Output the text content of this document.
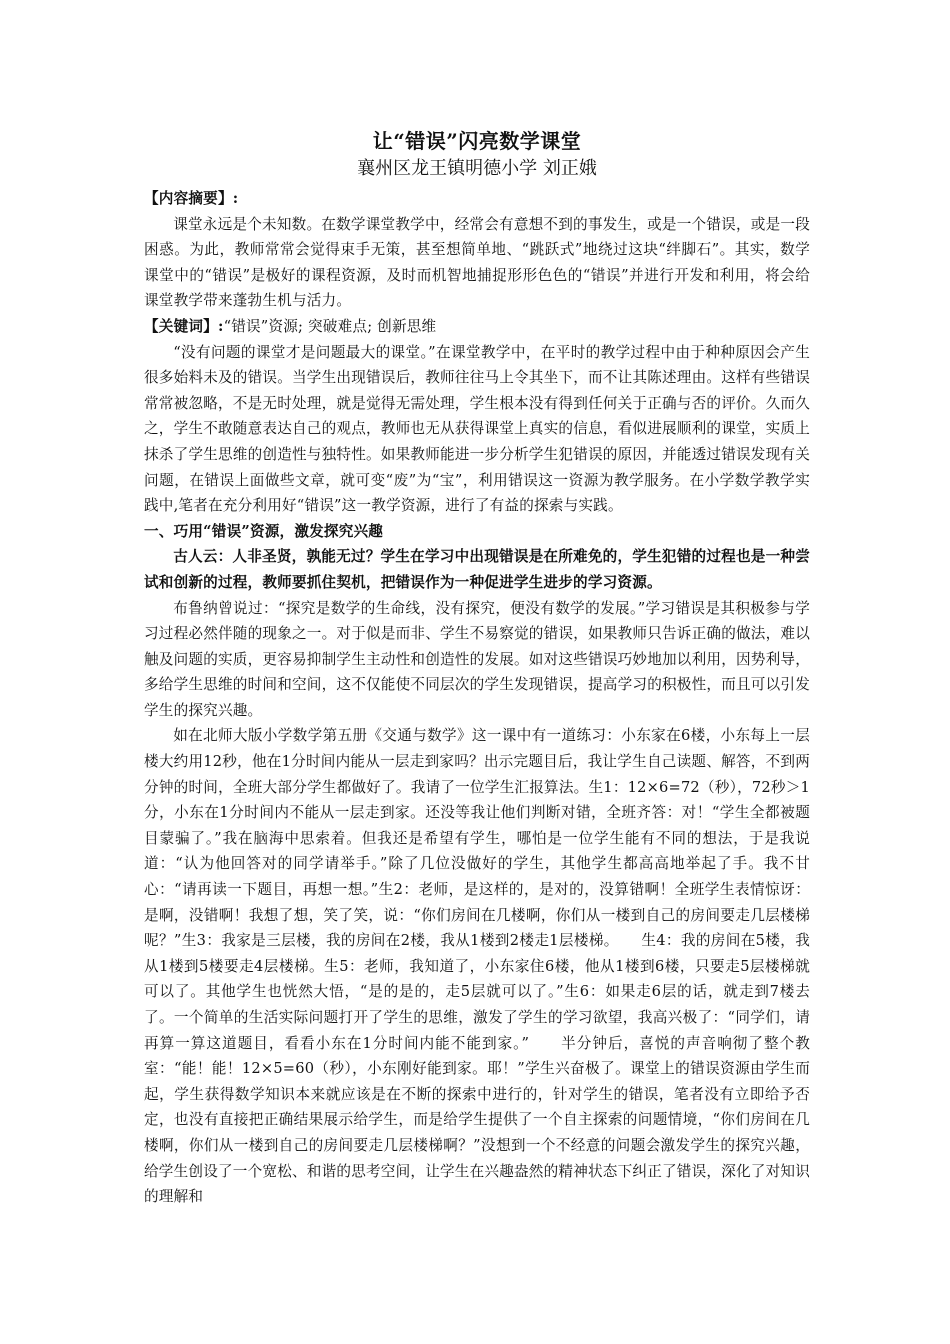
让“错误”闪亮数学课堂
襄州区龙王镇明德小学 刘正娥

【内容摘要】:

课堂永远是个未知数。在数学课堂教学中，经常会有意想不到的事发生，或是一个错误，或是一段困惑。为此，教师常常会觉得束手无策，甚至想简单地、“跳跃式”地绕过这块“绊脚石”。其实，数学课堂中的“错误”是极好的课程资源，及时而机智地捕捉形形色色的“错误”并进行开发和利用，将会给课堂教学带来蓬勃生机与活力。

【关键词】:“错误”资源; 突破难点; 创新思维

“没有问题的课堂才是问题最大的课堂。”在课堂教学中，在平时的教学过程中由于种种原因会产生很多始料未及的错误。当学生出现错误后，教师往往马上令其坐下，而不让其陈述理由。这样有些错误常常被忽略，不是无时处理，就是觉得无需处理，学生根本没有得到任何关于正确与否的评价。久而久之，学生不敢随意表达自己的观点，教师也无从获得课堂上真实的信息，看似进展顺利的课堂，实质上抹杀了学生思维的创造性与独特性。如果教师能进一步分析学生犯错误的原因，并能透过错误发现有关问题，在错误上面做些文章，就可变“废”为“宝”，利用错误这一资源为教学服务。在小学数学教学实践中,笔者在充分利用好“错误”这一教学资源，进行了有益的探索与实践。

一、巧用“错误”资源，激发探究兴趣

古人云：人非圣贤，孰能无过？学生在学习中出现错误是在所难免的，学生犯错的过程也是一种尝试和创新的过程，教师要抓住契机，把错误作为一种促进学生进步的学习资源。

布鲁纳曾说过：“探究是数学的生命线，没有探究，便没有数学的发展。”学习错误是其积极参与学习过程必然伴随的现象之一。对于似是而非、学生不易察觉的错误，如果教师只告诉正确的做法，难以触及问题的实质，更容易抑制学生主动性和创造性的发展。如对这些错误巧妙地加以利用，因势利导，多给学生思维的时间和空间，这不仅能使不同层次的学生发现错误，提高学习的积极性，而且可以引发学生的探究兴趣。

如在北师大版小学数学第五册《交通与数学》这一课中有一道练习：小东家在6楼，小东每上一层楼大约用12秒，他在1分时间内能从一层走到家吗？出示完题目后，我让学生自己读题、解答，不到两分钟的时间，全班大部分学生都做好了。我请了一位学生汇报算法。生1：12×6=72（秒），72秒＞1分，小东在1分时间内不能从一层走到家。还没等我让他们判断对错，全班齐答：对！“学生全都被题目蒙骗了。”我在脑海中思索着。但我还是希望有学生，哪怕是一位学生能有不同的想法，于是我说道：“认为他回答对的同学请举手。”除了几位没做好的学生，其他学生都高高地举起了手。我不甘心：“请再读一下题目，再想一想。”生2：老师，是这样的，是对的，没算错啊！全班学生表情惊讶：是啊，没错啊！我想了想，笑了笑，说：“你们房间在几楼啊，你们从一楼到自己的房间要走几层楼梯呢？”生3：我家是三层楼，我的房间在2楼，我从1楼到2楼走1层楼梯。　　生4：我的房间在5楼，我从1楼到5楼要走4层楼梯。生5：老师，我知道了，小东家住6楼，他从1楼到6楼，只要走5层楼梯就可以了。其他学生也恍然大悟，“是的是的，走5层就可以了。”生6：如果走6层的话，就走到7楼去了。一个简单的生活实际问题打开了学生的思维，激发了学生的学习欲望，我高兴极了：“同学们，请再算一算这道题目，看看小东在1分时间内能不能到家。”　　半分钟后，喜悦的声音响彻了整个教室：“能！能！12×5=60（秒），小东刚好能到家。耶！”学生兴奋极了。课堂上的错误资源由学生而起，学生获得数学知识本来就应该是在不断的探索中进行的，针对学生的错误，笔者没有立即给予否定，也没有直接把正确结果展示给学生，而是给学生提供了一个自主探索的问题情境，“你们房间在几楼啊，你们从一楼到自己的房间要走几层楼梯啊？”没想到一个不经意的问题会激发学生的探究兴趣，给学生创设了一个宽松、和谐的思考空间，让学生在兴趣盎然的精神状态下纠正了错误，深化了对知识的理解和
